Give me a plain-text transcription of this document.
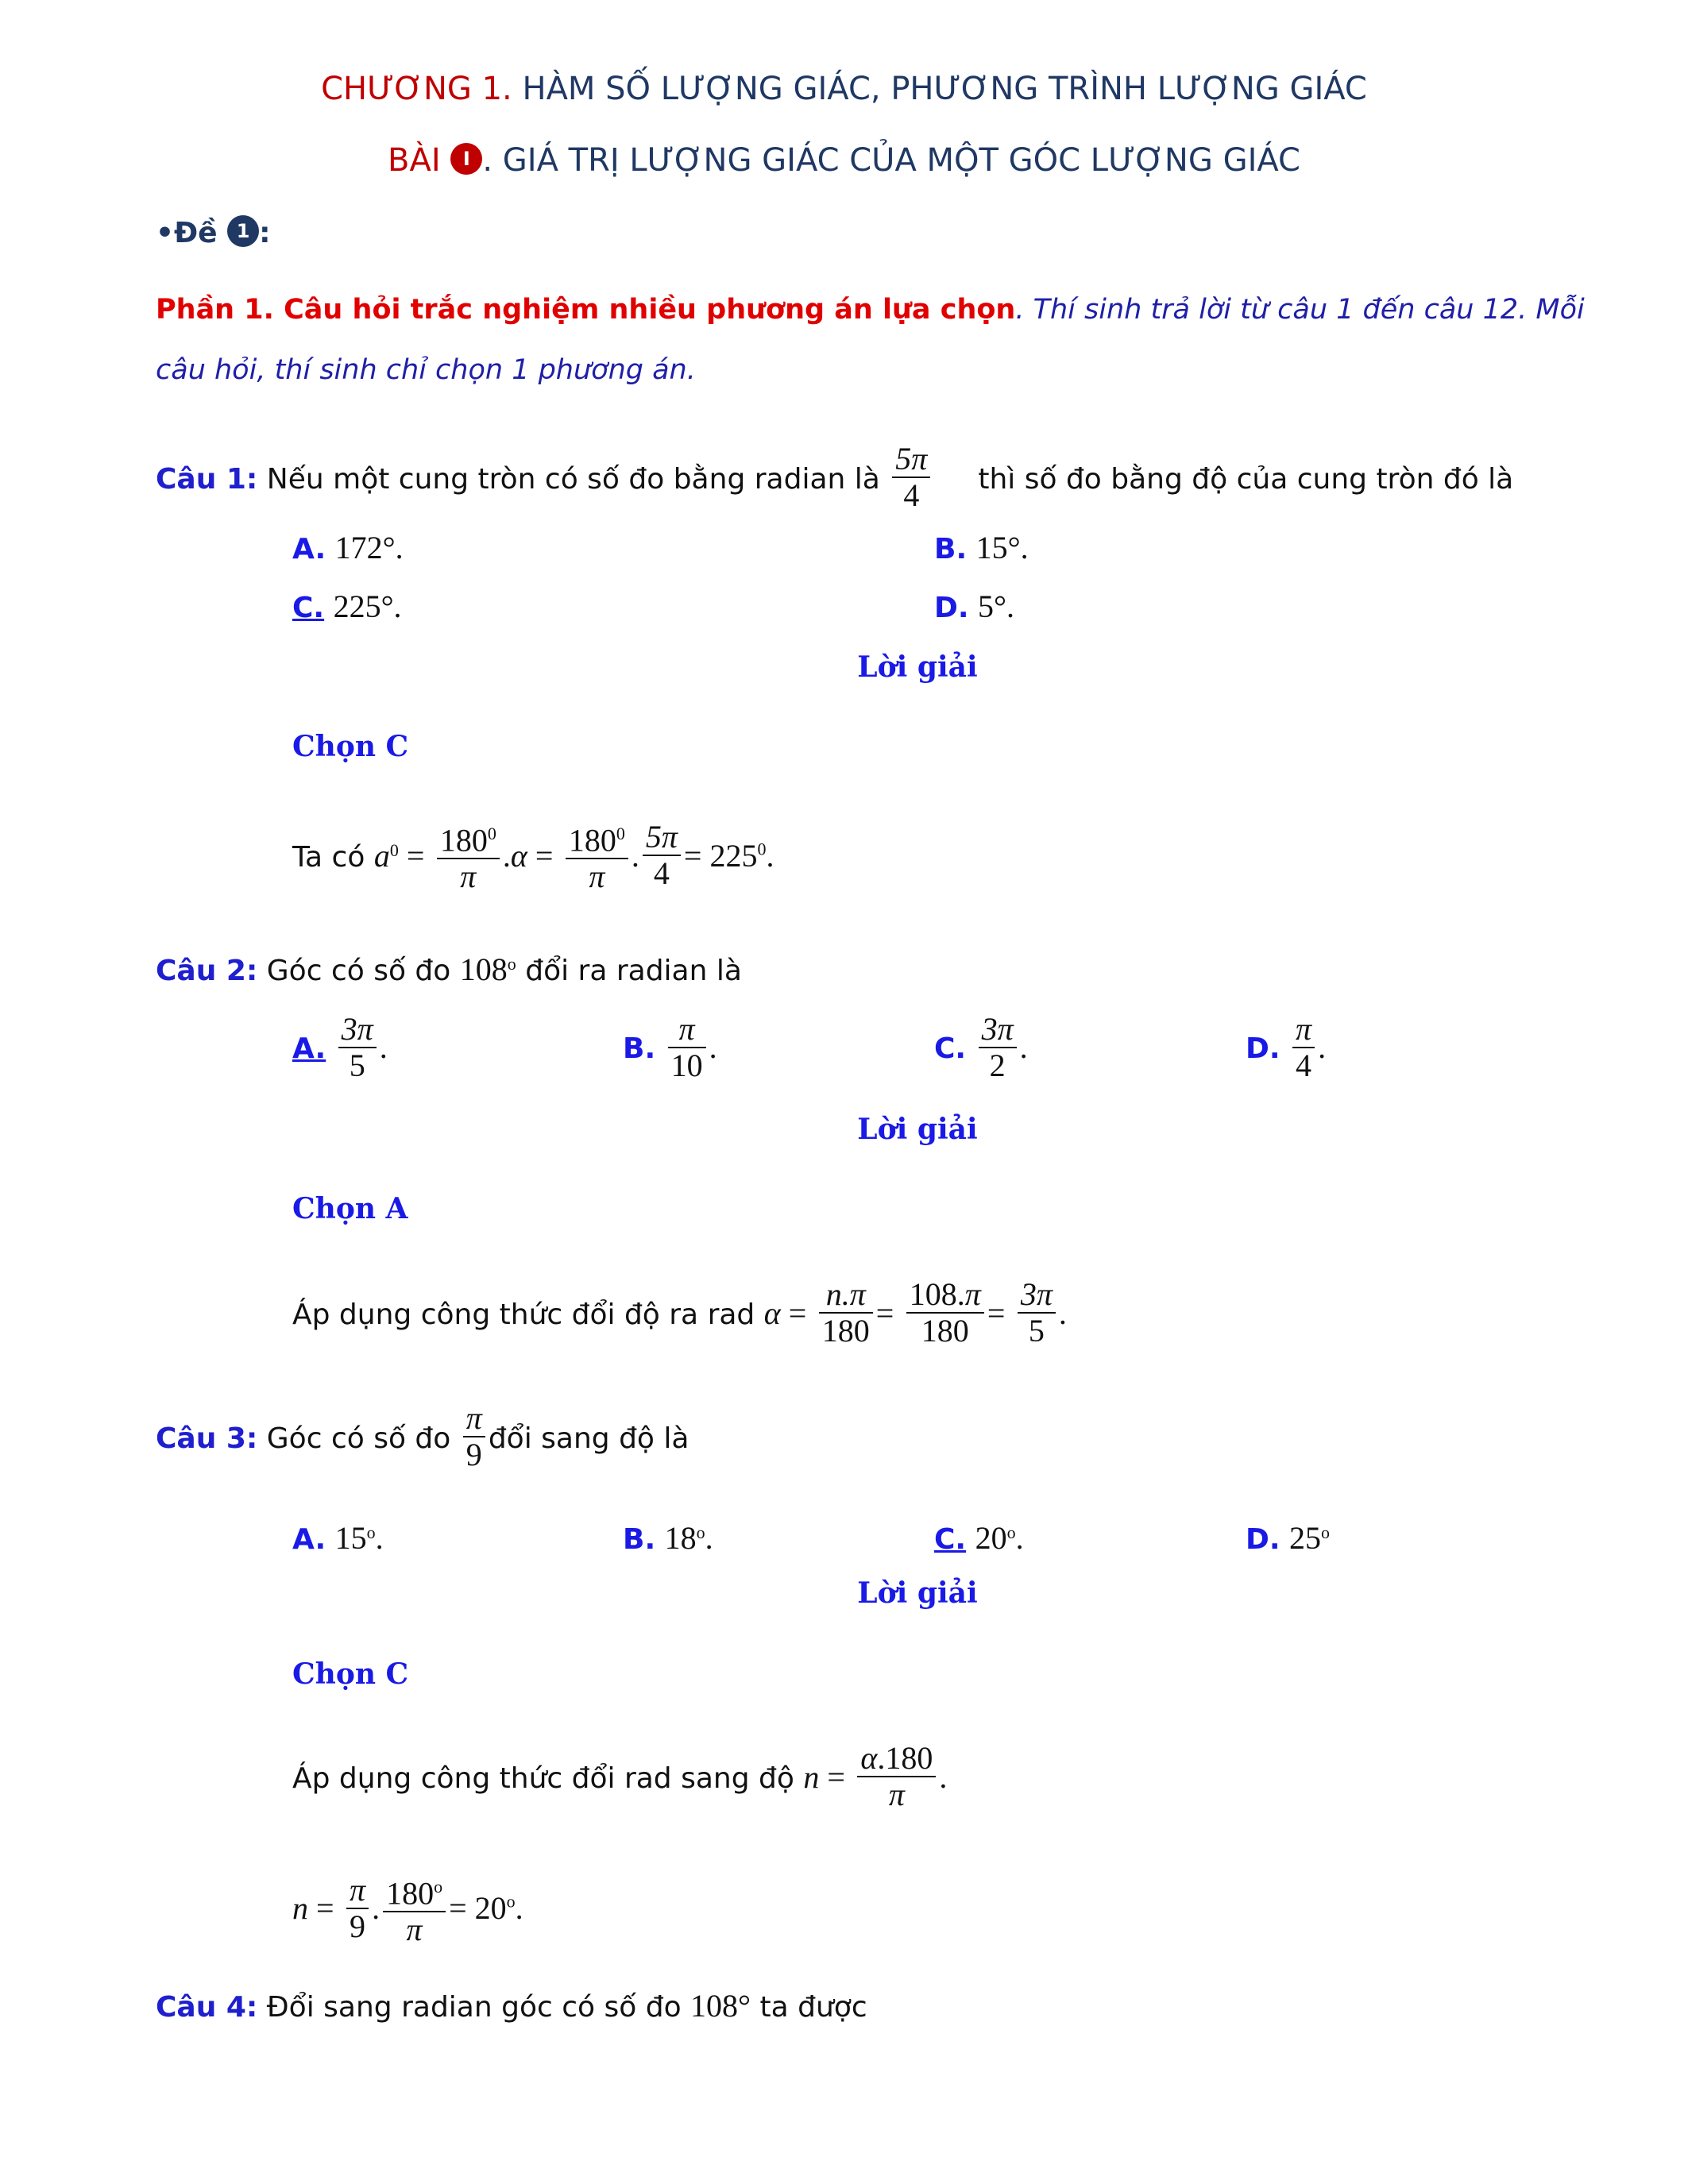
CHƯƠNG 1. HÀM SỐ LƯỢNG GIÁC, PHƯƠNG TRÌNH LƯỢNG GIÁC
BÀI I . GIÁ TRỊ LƯỢNG GIÁC CỦA MỘT GÓC LƯỢNG GIÁC
•Đề 1 :
Phần 1. Câu hỏi trắc nghiệm nhiều phương án lựa chọn. Thí sinh trả lời từ câu 1 đến câu 12. Mỗi
câu hỏi, thí sinh chỉ chọn 1 phương án.
Câu 1: Nếu một cung tròn có số đo bằng radian là $\frac{5\pi}{4}$ thì số đo bằng độ của cung tròn đó là
A. 172°.	B. 15°.
C. 225°.	D. 5°.
Lời giải
Chọn C
Ta có $a^0 = \frac{180^0}{\pi} .\alpha = \frac{180^0}{\pi}$ . $\frac{5\pi}{4} = 225^0$.
Câu 2: Góc có số đo 108$^o$ đổi ra radian là
A. $\frac{3\pi}{5}$ .	B. $\frac{\pi}{10}$ .	C. $\frac{3\pi}{2}$ .	D. $\frac{\pi}{4}$ .
Lời giải
Chọn A
Áp dụng công thức đổi độ ra rad $\alpha = \frac{n.\pi}{180} = \frac{108.\pi}{180} = \frac{3\pi}{5}$ .
Câu 3: Góc có số đo $\frac{\pi}{9}$ đổi sang độ là
A. 15$^o$.	B. 18$^o$.	C. 20$^o$.	D. 25$^o$
Lời giải
Chọn C
Áp dụng công thức đổi rad sang độ $n = \frac{\alpha.180}{\pi}$ .
$n = \frac{\pi}{9}$ . $\frac{180^o}{\pi} = 20^o$.
Câu 4: Đổi sang radian góc có số đo 108° ta được
